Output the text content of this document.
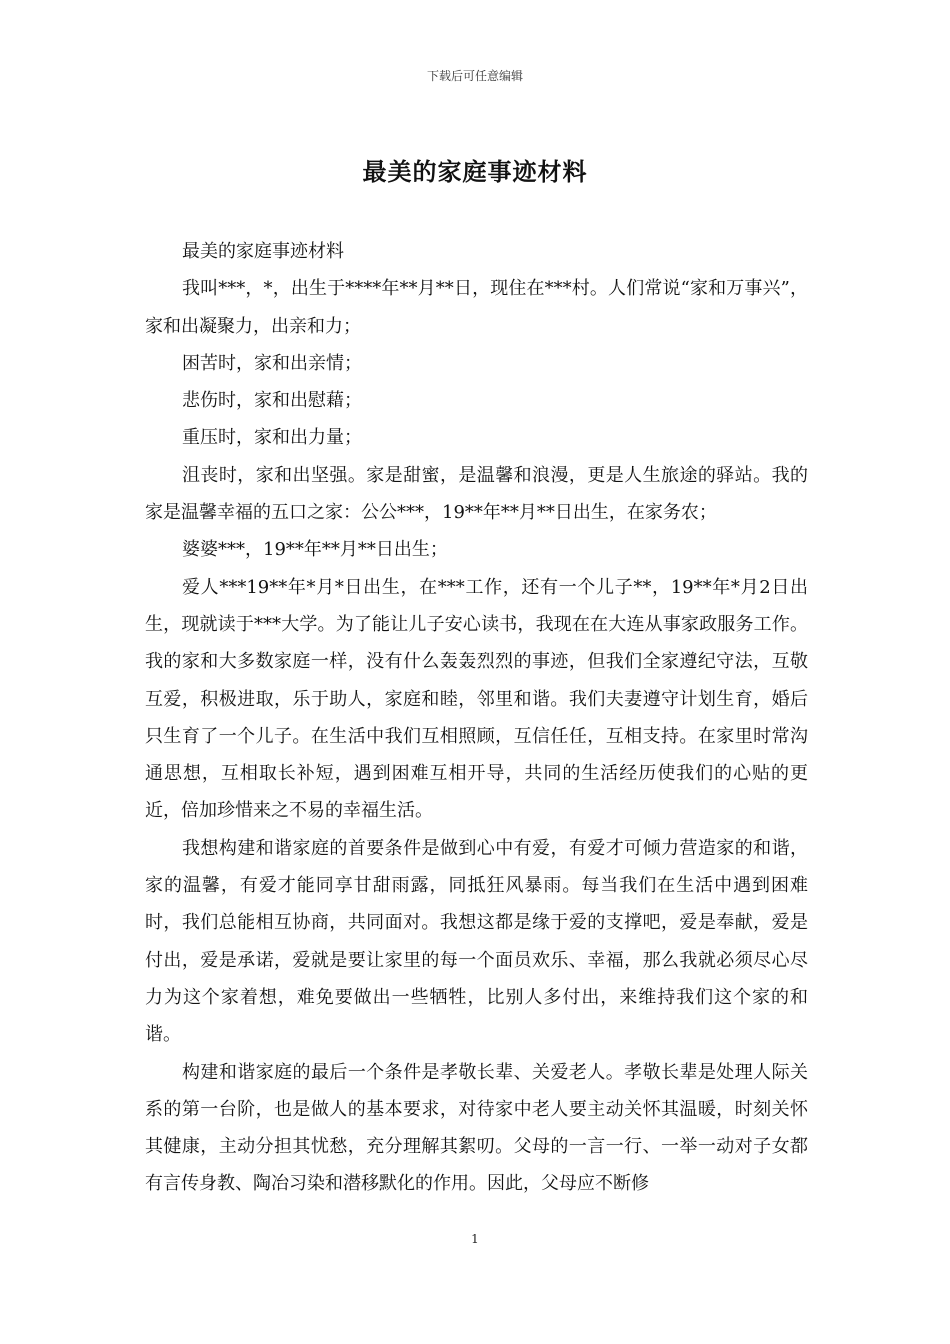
下载后可任意编辑
最美的家庭事迹材料

最美的家庭事迹材料

我叫***，*，出生于****年**月**日，现住在***村。人们常说“家和万事兴”，家和出凝聚力，出亲和力；

困苦时，家和出亲情；

悲伤时，家和出慰藉；

重压时，家和出力量；

沮丧时，家和出坚强。家是甜蜜，是温馨和浪漫，更是人生旅途的驿站。我的家是温馨幸福的五口之家：公公***，19**年**月**日出生，在家务农；

婆婆***，19**年**月**日出生；

爱人***19**年*月*日出生，在***工作，还有一个儿子**，19**年*月2日出生，现就读于***大学。为了能让儿子安心读书，我现在在大连从事家政服务工作。我的家和大多数家庭一样，没有什么轰轰烈烈的事迹，但我们全家遵纪守法，互敬互爱，积极进取，乐于助人，家庭和睦，邻里和谐。我们夫妻遵守计划生育，婚后只生育了一个儿子。在生活中我们互相照顾，互信任任，互相支持。在家里时常沟通思想，互相取长补短，遇到困难互相开导，共同的生活经历使我们的心贴的更近，倍加珍惜来之不易的幸福生活。

我想构建和谐家庭的首要条件是做到心中有爱，有爱才可倾力营造家的和谐，家的温馨，有爱才能同享甘甜雨露，同抵狂风暴雨。每当我们在生活中遇到困难时，我们总能相互协商，共同面对。我想这都是缘于爱的支撑吧，爱是奉献，爱是付出，爱是承诺，爱就是要让家里的每一个面员欢乐、幸福，那么我就必须尽心尽力为这个家着想，难免要做出一些牺牲，比别人多付出，来维持我们这个家的和谐。

构建和谐家庭的最后一个条件是孝敬长辈、关爱老人。孝敬长辈是处理人际关系的第一台阶，也是做人的基本要求，对待家中老人要主动关怀其温暖，时刻关怀其健康，主动分担其忧愁，充分理解其絮叨。父母的一言一行、一举一动对子女都有言传身教、陶冶习染和潜移默化的作用。因此，父母应不断修

1
